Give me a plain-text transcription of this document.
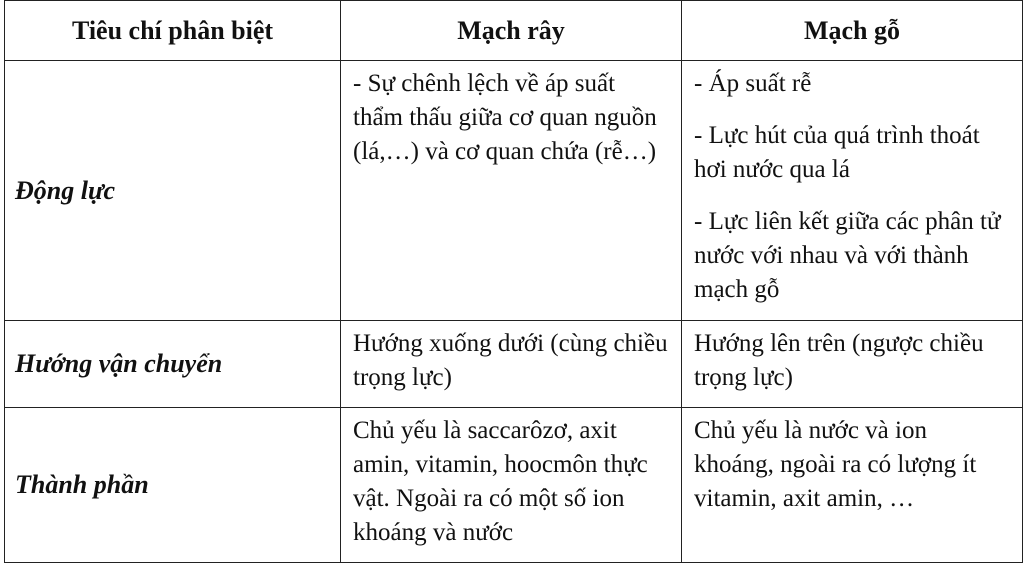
Tiêu chí phân biệt	Mạch rây	Mạch gỗ
Động lực	- Sự chênh lệch về áp suất thẩm thấu giữa cơ quan nguồn (lá,…) và cơ quan chứa (rễ…)	- Áp suất rễ

- Lực hút của quá trình thoát hơi nước qua lá

- Lực liên kết giữa các phân tử nước với nhau và với thành mạch gỗ

Hướng vận chuyển	Hướng xuống dưới (cùng chiều trọng lực)	Hướng lên trên (ngược chiều trọng lực)

Thành phần	Chủ yếu là saccarôzơ, axit amin, vitamin, hoocmôn thực vật. Ngoài ra có một số ion khoáng và nước	Chủ yếu là nước và ion khoáng, ngoài ra có lượng ít vitamin, axit amin, …
